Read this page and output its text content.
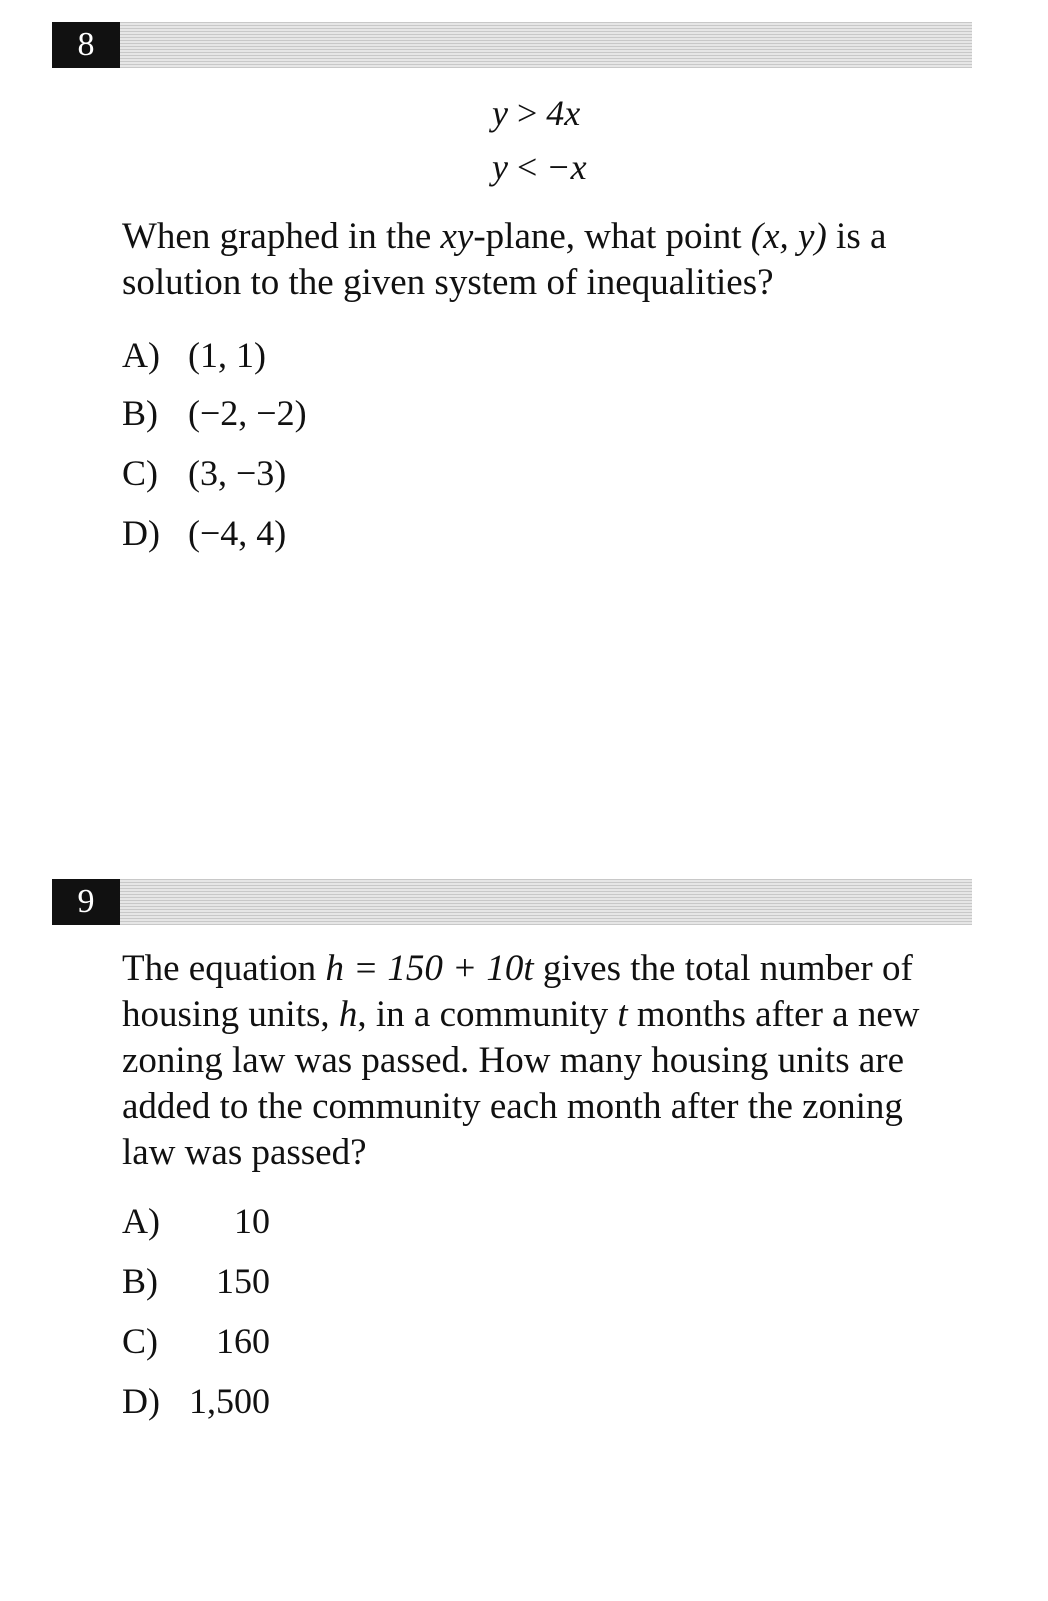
8
y > 4x
y < −x
When graphed in the xy-plane, what point (x, y) is a solution to the given system of inequalities?
A) (1, 1)
B) (−2, −2)
C) (3, −3)
D) (−4, 4)
9
The equation h = 150 + 10t gives the total number of housing units, h, in a community t months after a new zoning law was passed. How many housing units are added to the community each month after the zoning law was passed?
A)	10
B)	150
C)	160
D) 1,500
